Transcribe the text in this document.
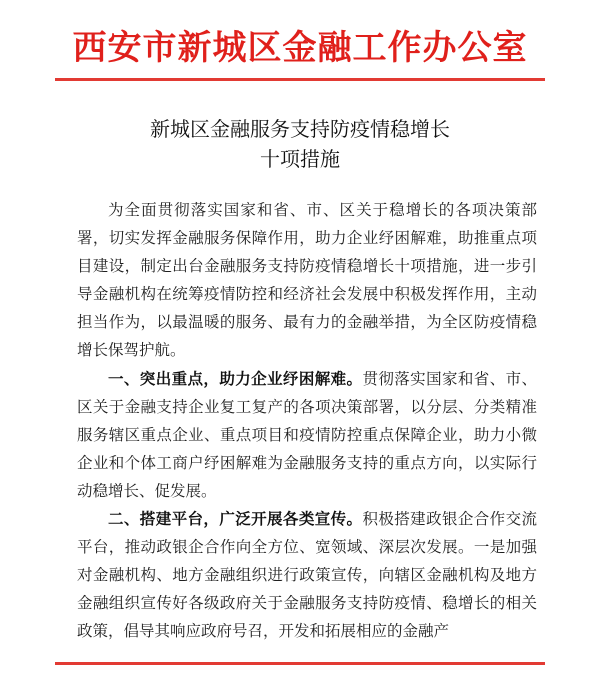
西安市新城区金融工作办公室
新城区金融服务支持防疫情稳增长
十项措施

为全面贯彻落实国家和省、市、区关于稳增长的各项决策部署，切实发挥金融服务保障作用，助力企业纾困解难，助推重点项目建设，制定出台金融服务支持防疫情稳增长十项措施，进一步引导金融机构在统筹疫情防控和经济社会发展中积极发挥作用，主动担当作为，以最温暖的服务、最有力的金融举措，为全区防疫情稳增长保驾护航。

一、突出重点，助力企业纾困解难。贯彻落实国家和省、市、区关于金融支持企业复工复产的各项决策部署，以分层、分类精准服务辖区重点企业、重点项目和疫情防控重点保障企业，助力小微企业和个体工商户纾困解难为金融服务支持的重点方向，以实际行动稳增长、促发展。

二、搭建平台，广泛开展各类宣传。积极搭建政银企合作交流平台，推动政银企合作向全方位、宽领域、深层次发展。一是加强对金融机构、地方金融组织进行政策宣传，向辖区金融机构及地方金融组织宣传好各级政府关于金融服务支持防疫情、稳增长的相关政策，倡导其响应政府号召，开发和拓展相应的金融产
